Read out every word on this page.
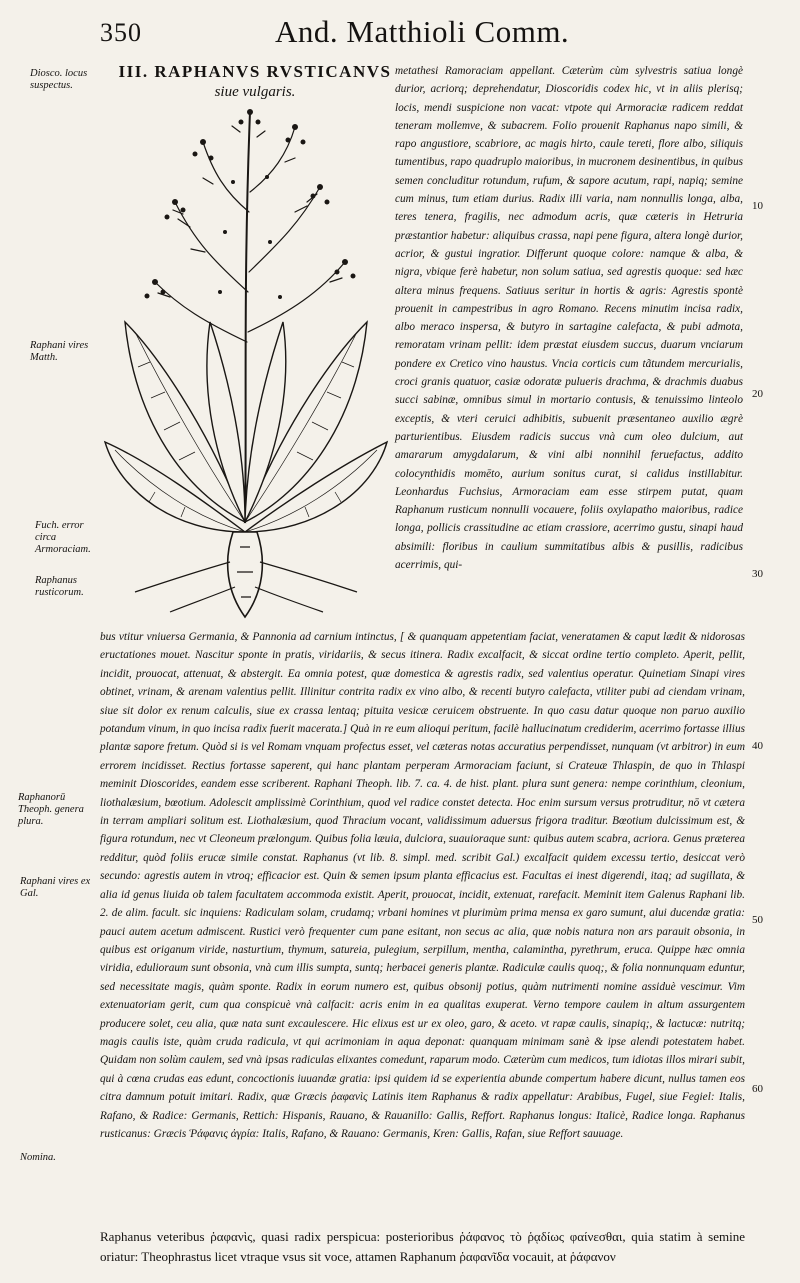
350	And. Matthioli Comm.
III. RAPHANVS RVSTICANVS
siue vulgaris.
Diosco. locus suspectus.
Raphani vires Matth.
Fuch. error circa Armoraciam.
Raphanus rusticorum.
Raphanorū Theoph. genera plura.
Raphani vires ex Gal.
Nomina.
10
20
30
40
50
60

metathesi Ramoraciam appellant. Cæterùm cùm sylvestris satiua longè durior, acriorq; deprehendatur, Dioscoridis codex hic, vt in aliis plerisq; locis, mendi suspicione non vacat: vtpote qui Armoraciæ radicem reddat teneram mollemve, & subacrem. Folio prouenit Raphanus napo simili, & rapo angustiore, scabriore, ac magis hirto, caule tereti, flore albo, siliquis tumentibus, rapo quadruplo maioribus, in mucronem desinentibus, in quibus semen concluditur rotundum, rufum, & sapore acutum, rapi, napiq; semine cum minus, tum etiam durius. Radix illi varia, nam nonnullis longa, alba, teres tenera, fragilis, nec admodum acris, quæ cæteris in Hetruria præstantior habetur: aliquibus crassa, napi pene figura, altera longè durior, acrior, & gustui ingratior. Differunt quoque colore: namque & alba, & nigra, vbique ferè habetur, non solum satiua, sed agrestis quoque: sed hæc altera minus frequens. Satiuus seritur in hortis & agris: Agrestis spontè prouenit in campestribus in agro Romano. Recens minutim incisa radix, albo meraco inspersa, & butyro in sartagine calefacta, & pubi admota, remoratam vrinam pellit: idem præstat eiusdem succus, duarum vnciarum pondere ex Cretico vino haustus. Vncia corticis cum tãtundem mercurialis, croci granis quatuor, casiæ odoratæ pulueris drachma, & drachmis duabus succi sabinæ, omnibus simul in mortario contusis, & tenuissimo linteolo exceptis, & vteri ceruici adhibitis, subuenit præsentaneo auxilio ægrè parturientibus. Eiusdem radicis succus vnà cum oleo dulcium, aut amararum amygdalarum, & vini albi nonnihil feruefactus, addito colocynthidis momēto, aurium sonitus curat, si calidus instillabitur. Leonhardus Fuchsius, Armoraciam eam esse stirpem putat, quam Raphanum rusticum nonnulli vocauere, foliis oxylapatho maioribus, radice longa, pollicis crassitudine ac etiam crassiore, acerrimo gustu, sinapi haud absimili: floribus in caulium summitatibus albis & pusillis, radicibus acerrimis, qui-

bus vtitur vniuersa Germania, & Pannonia ad carnium intinctus, [ & quanquam appetentiam faciat, veneratamen & caput lædit & nidorosas eructationes mouet. Nascitur sponte in pratis, viridariis, & secus itinera. Radix excalfacit, & siccat ordine tertio completo. Aperit, pellit, incidit, prouocat, attenuat, & abstergit. Ea omnia potest, quæ domestica & agrestis radix, sed valentius operatur. Quinetiam Sinapi vires obtinet, vrinam, & arenam valentius pellit. Illinitur contrita radix ex vino albo, & recenti butyro calefacta, vtiliter pubi ad ciendam vrinam, siue sit dolor ex renum calculis, siue ex crassa lentaq; pituita vesicæ ceruicem obstruente. In quo casu datur quoque non paruo auxilio potandum vinum, in quo incisa radix fuerit macerata.] Quà in re eum alioqui peritum, facilè hallucinatum crediderim, acerrimo fortasse illius plantæ sapore fretum. Quòd si is vel Romam vnquam profectus esset, vel cæteras notas accuratius perpendisset, nunquam (vt arbitror) in eum errorem incidisset. Rectius fortasse saperent, qui hanc plantam perperam Armoraciam faciunt, si Crateuæ Thlaspin, de quo in Thlaspi meminit Dioscorides, eandem esse scriberent. Raphani Theoph. lib. 7. ca. 4. de hist. plant. plura sunt genera: nempe corinthium, cleonium, liothalæsium, bœotium. Adolescit amplissimè Corinthium, quod vel radice constet detecta. Hoc enim sursum versus protruditur, nō vt cætera in terram ampliari solitum est. Liothalæsium, quod Thracium vocant, validissimum aduersus frigora traditur. Bœotium dulcissimum est, & figura rotundum, nec vt Cleoneum prælongum. Quibus folia læuia, dulciora, suauioraque sunt: quibus autem scabra, acriora. Genus præterea redditur, quòd foliis erucæ simile constat. Raphanus (vt lib. 8. simpl. med. scribit Gal.) excalfacit quidem excessu tertio, desiccat verò secundo: agrestis autem in vtroq; efficacior est. Quin & semen ipsum planta efficacius est. Facultas ei inest digerendi, itaq; ad sugillata, & alia id genus liuida ob talem facultatem accommoda existit. Aperit, prouocat, incidit, extenuat, rarefacit. Meminit item Galenus Raphani lib. 2. de alim. facult. sic inquiens: Radiculam solam, crudamq; vrbani homines vt plurimùm prima mensa ex garo sumunt, alui ducendæ gratia: pauci autem acetum admiscent. Rustici verò frequenter cum pane esitant, non secus ac alia, quæ nobis natura non ars parauit obsonia, in quibus est origanum viride, nasturtium, thymum, satureia, pulegium, serpillum, mentha, calamintha, pyrethrum, eruca. Quippe hæc omnia viridia, edulioraum sunt obsonia, vnà cum illis sumpta, suntq; herbacei generis plantæ. Radiculæ caulis quoq;, & folia nonnunquam eduntur, sed necessitate magis, quàm sponte. Radix in eorum numero est, quibus obsonij potius, quàm nutrimenti nomine assiduè vescimur. Vim extenuatoriam gerit, cum qua conspicuè vnà calfacit: acris enim in ea qualitas exuperat. Verno tempore caulem in altum assurgentem producere solet, ceu alia, quæ nata sunt excaulescere. Hic elixus est ur ex oleo, garo, & aceto. vt rapæ caulis, sinapiq;, & lactucæ: nutritq; magis caulis iste, quàm cruda radicula, vt qui acrimoniam in aqua deponat: quanquam minimam sanè & ipse alendi potestatem habet. Quidam non solùm caulem, sed vnà ipsas radiculas elixantes comedunt, raparum modo. Cæterùm cum medicos, tum idiotas illos mirari subit, qui à cœna crudas eas edunt, concoctionis iuuandæ gratia: ipsi quidem id se experientia abunde compertum habere dicunt, nullus tamen eos citra damnum potuit imitari. Radix, quæ Græcis ῥαφανὶς Latinis item Raphanus & radix appellatur: Arabibus, Fugel, siue Fegiel: Italis, Rafano, & Radice: Germanis, Rettich: Hispanis, Rauano, & Rauanillo: Gallis, Reffort. Raphanus longus: Italicè, Radice longa. Raphanus rusticanus: Græcis Ῥάφανις ἀγρία: Italis, Rafano, & Rauano: Germanis, Kren: Gallis, Rafan, siue Reffort sauuage.

Raphanus veteribus ῥαφανὶς, quasi radix perspicua: posterioribus ῥάφανος τὸ ῥᾳδίως φαίνεσθαι, quia statim à semine oriatur: Theophrastus licet vtraque vsus sit voce, attamen Raphanum ῥαφανῖδα vocauit, at ῥάφανον
